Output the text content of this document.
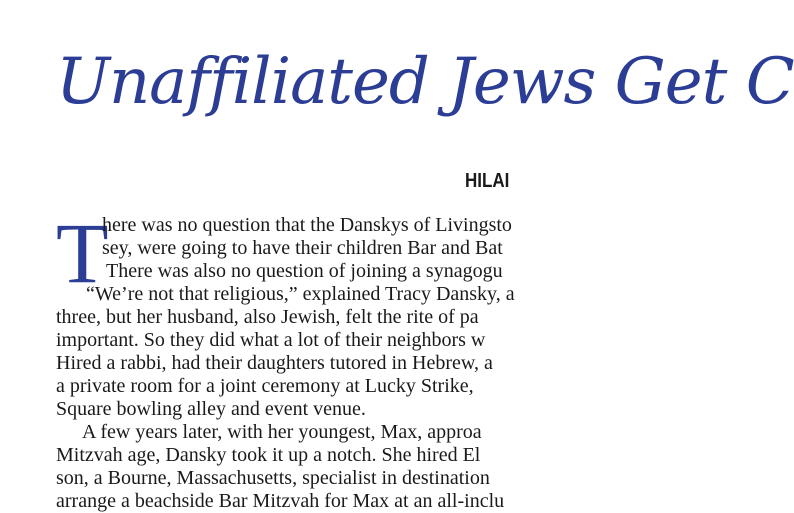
Unaffiliated Jews Get C
HILAI
T
here was no question that the Danskys of Livingsto
sey, were going to have their children Bar and Bat
There was also no question of joining a synagogu
“We’re not that religious,” explained Tracy Dansky, a
three, but her husband, also Jewish, felt the rite of pa
important. So they did what a lot of their neighbors w
Hired a rabbi, had their daughters tutored in Hebrew, a
a private room for a joint ceremony at Lucky Strike,
Square bowling alley and event venue.
A few years later, with her youngest, Max, approa
Mitzvah age, Dansky took it up a notch. She hired El
son, a Bourne, Massachusetts, specialist in destination
arrange a beachside Bar Mitzvah for Max at an all-inclu
